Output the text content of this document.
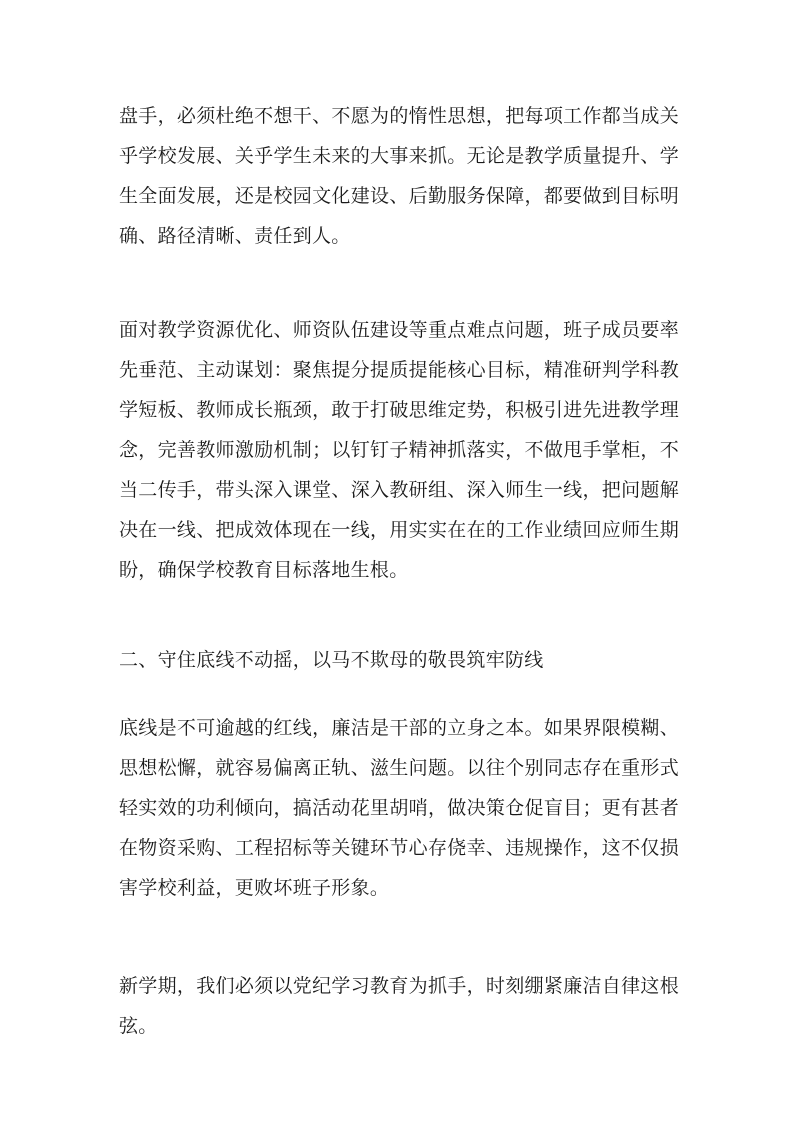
盘手，必须杜绝不想干、不愿为的惰性思想，把每项工作都当成关乎学校发展、关乎学生未来的大事来抓。无论是教学质量提升、学生全面发展，还是校园文化建设、后勤服务保障，都要做到目标明确、路径清晰、责任到人。

面对教学资源优化、师资队伍建设等重点难点问题，班子成员要率先垂范、主动谋划：聚焦提分提质提能核心目标，精准研判学科教学短板、教师成长瓶颈，敢于打破思维定势，积极引进先进教学理念，完善教师激励机制；以钉钉子精神抓落实，不做甩手掌柜，不当二传手，带头深入课堂、深入教研组、深入师生一线，把问题解决在一线、把成效体现在一线，用实实在在的工作业绩回应师生期盼，确保学校教育目标落地生根。

二、守住底线不动摇，以马不欺母的敬畏筑牢防线

底线是不可逾越的红线，廉洁是干部的立身之本。如果界限模糊、思想松懈，就容易偏离正轨、滋生问题。以往个别同志存在重形式轻实效的功利倾向，搞活动花里胡哨，做决策仓促盲目；更有甚者在物资采购、工程招标等关键环节心存侥幸、违规操作，这不仅损害学校利益，更败坏班子形象。

新学期，我们必须以党纪学习教育为抓手，时刻绷紧廉洁自律这根弦。
